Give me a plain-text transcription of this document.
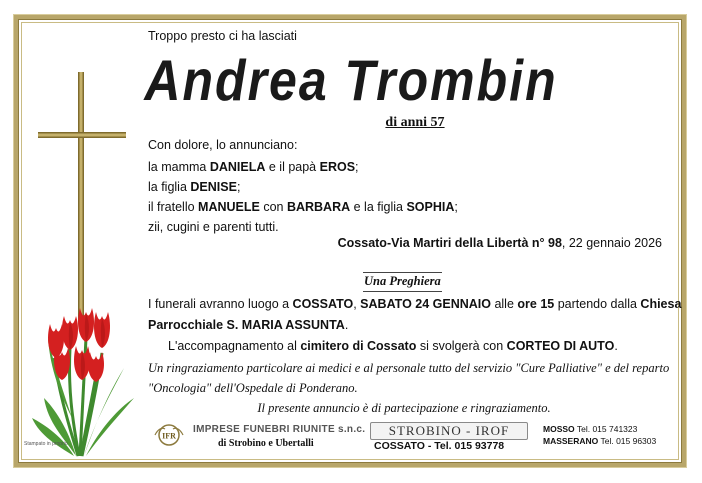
Troppo presto ci ha lasciati
Andrea Trombin
di anni 57
Con dolore, lo annunciano:
la mamma DANIELA e il papà EROS;
la figlia DENISE;
il fratello MANUELE con BARBARA e la figlia SOPHIA;
zii, cugini e parenti tutti.
Cossato-Via Martiri della Libertà n° 98, 22 gennaio 2026
Una Preghiera
I funerali avranno luogo a COSSATO, SABATO 24 GENNAIO alle ore 15 partendo dalla Chiesa
Parrocchiale S. MARIA ASSUNTA.
L'accompagnamento al cimitero di Cossato si svolgerà con CORTEO DI AUTO.
Un ringraziamento particolare ai medici e al personale tutto del servizio "Cure Palliative" e del reparto
"Oncologia" dell'Ospedale di Ponderano.
Il presente annuncio è di partecipazione e ringraziamento.
IFR
IMPRESE FUNEBRI RIUNITE s.n.c.
di Strobino e Ubertalli
STROBINO - IROF
COSSATO - Tel. 015 93778
MOSSO Tel. 015 741323
MASSERANO Tel. 015 96303
Stampato in proprio
